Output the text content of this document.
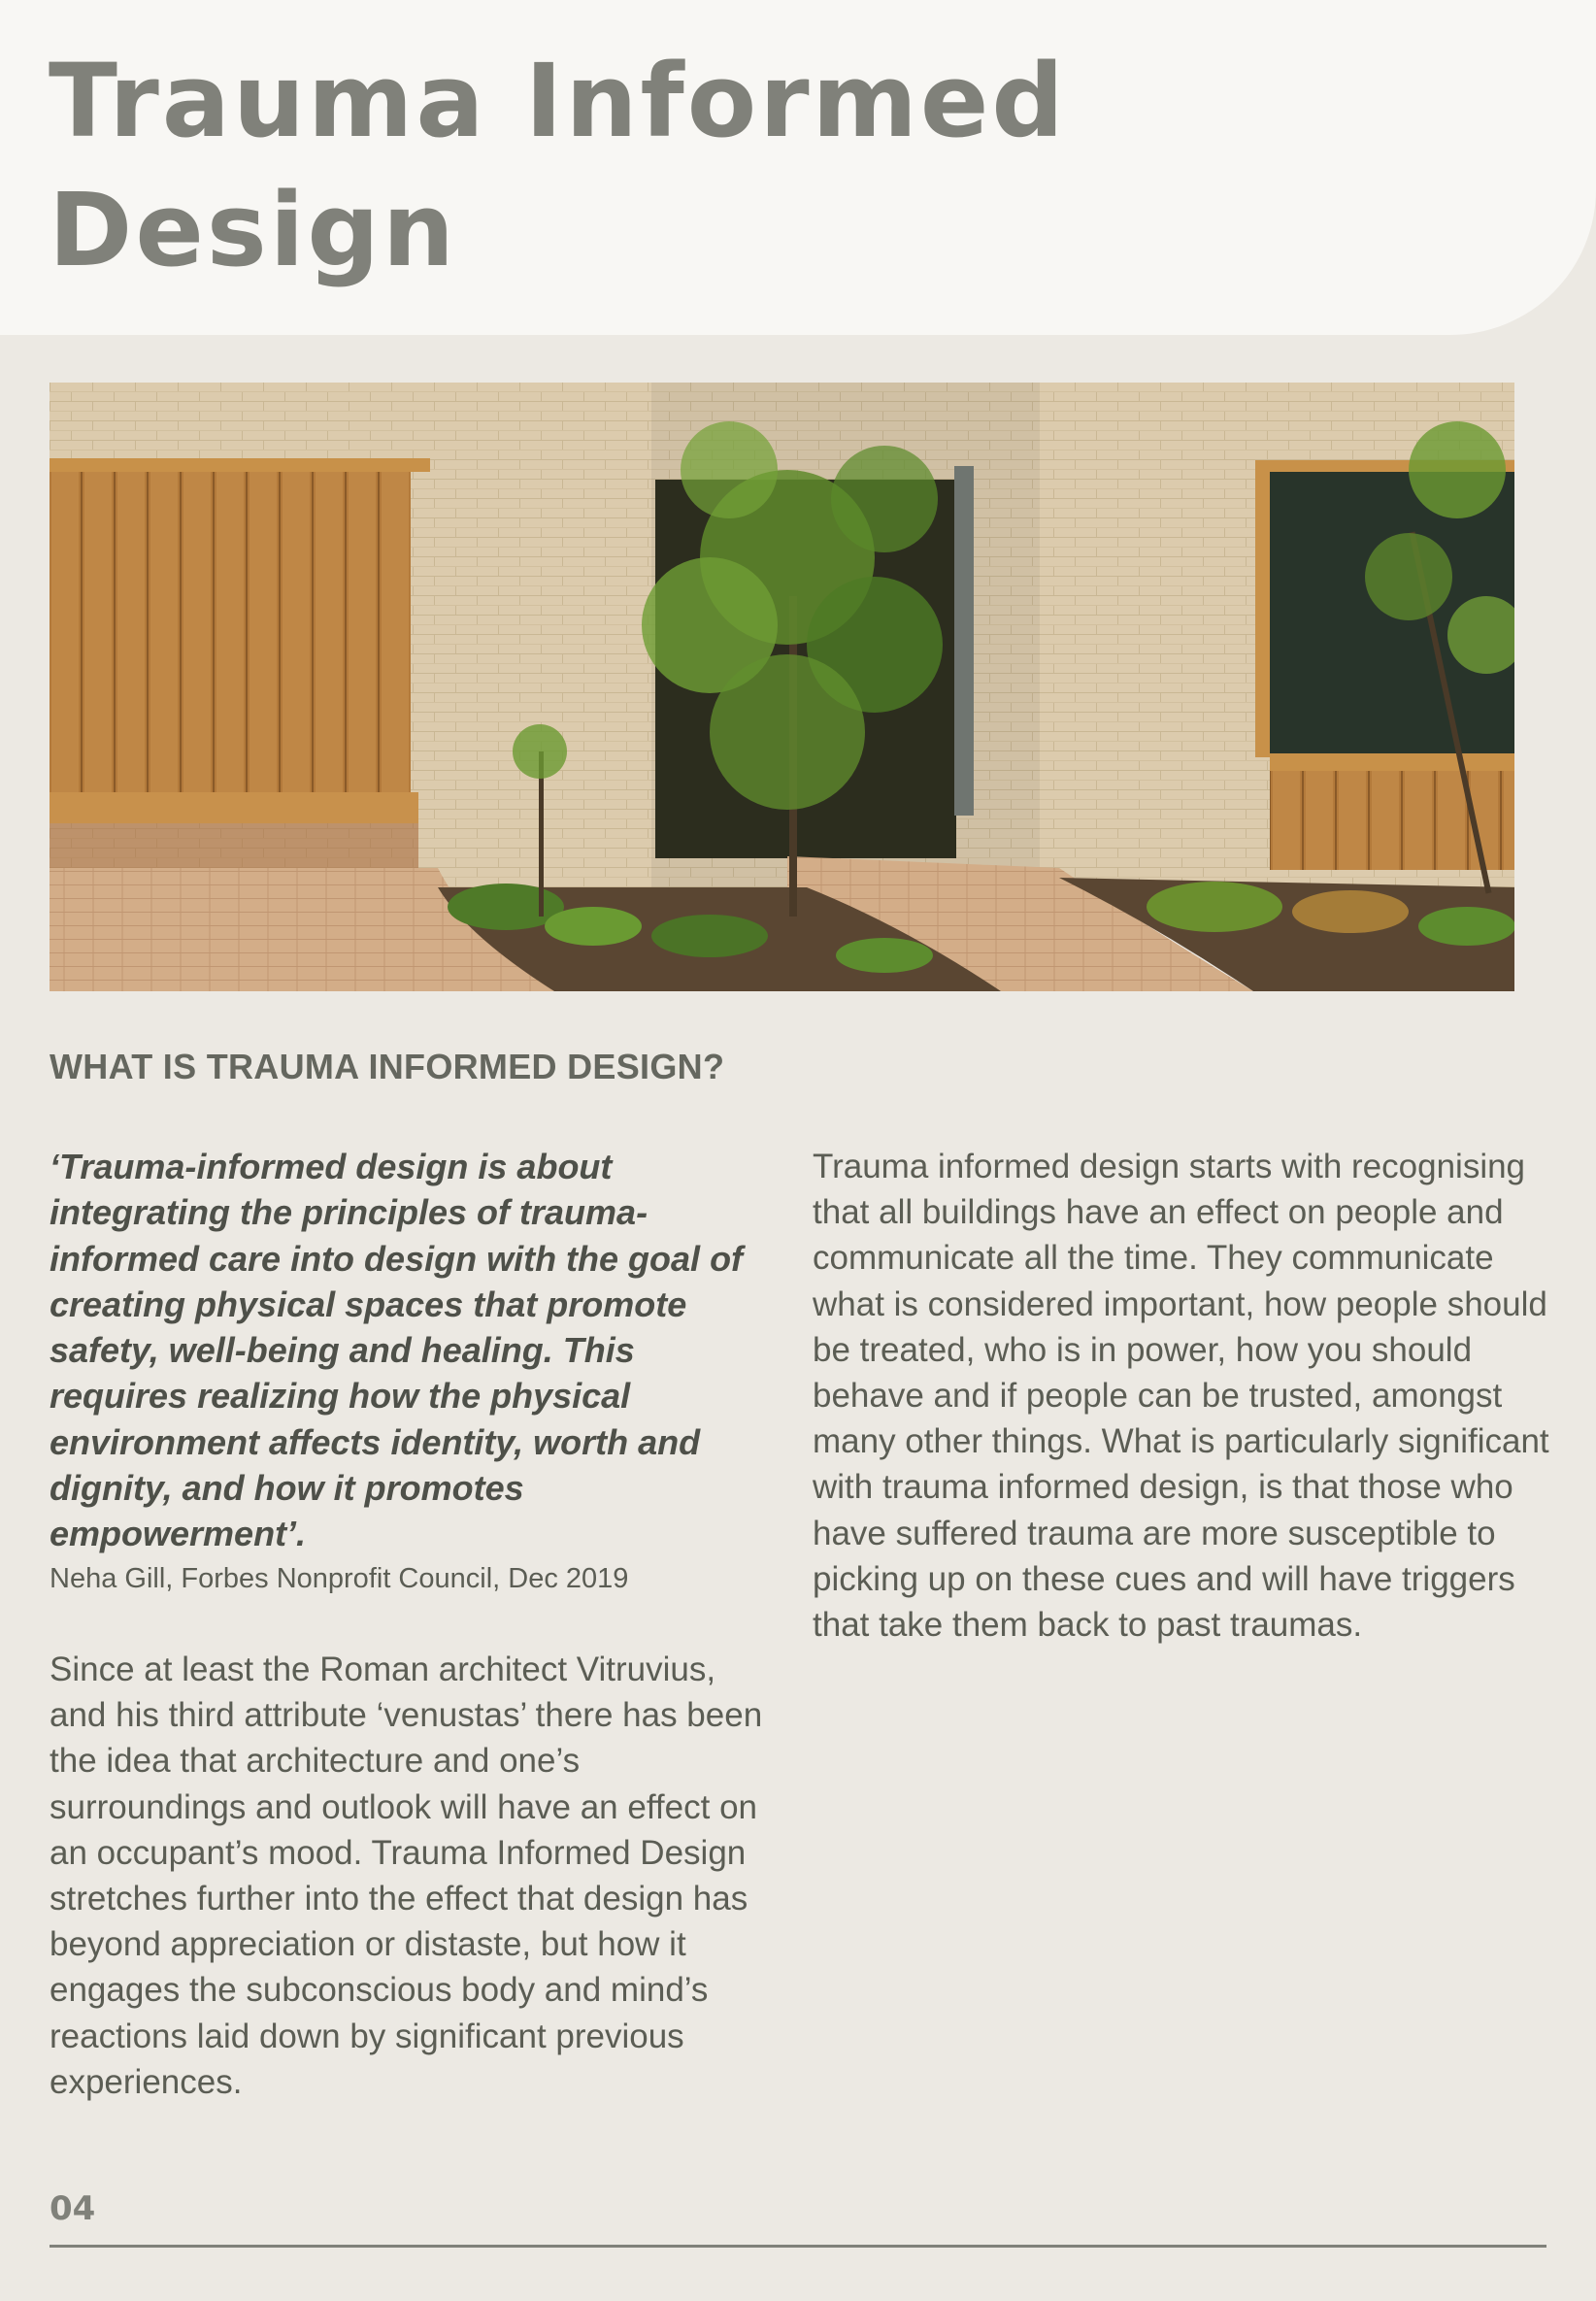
Trauma Informed Design
WHAT IS TRAUMA INFORMED DESIGN?

‘Trauma-informed design is about integrating the principles of trauma-informed care into design with the goal of creating physical spaces that promote safety, well-being and healing. This requires realizing how the physical environment affects identity, worth and dignity, and how it promotes empowerment’.

Neha Gill, Forbes Nonprofit Council, Dec 2019

Since at least the Roman architect Vitruvius, and his third attribute ‘venustas’ there has been the idea that architecture and one’s surroundings and outlook will have an effect on an occupant’s mood. Trauma Informed Design stretches further into the effect that design has beyond appreciation or distaste, but how it engages the subconscious body and mind’s reactions laid down by significant previous experiences.

Trauma informed design starts with recognising that all buildings have an effect on people and communicate all the time. They communicate what is considered important, how people should be treated, who is in power, how you should behave and if people can be trusted, amongst many other things. What is particularly significant with trauma informed design, is that those who have suffered trauma are more susceptible to picking up on these cues and will have triggers that take them back to past traumas.

04
